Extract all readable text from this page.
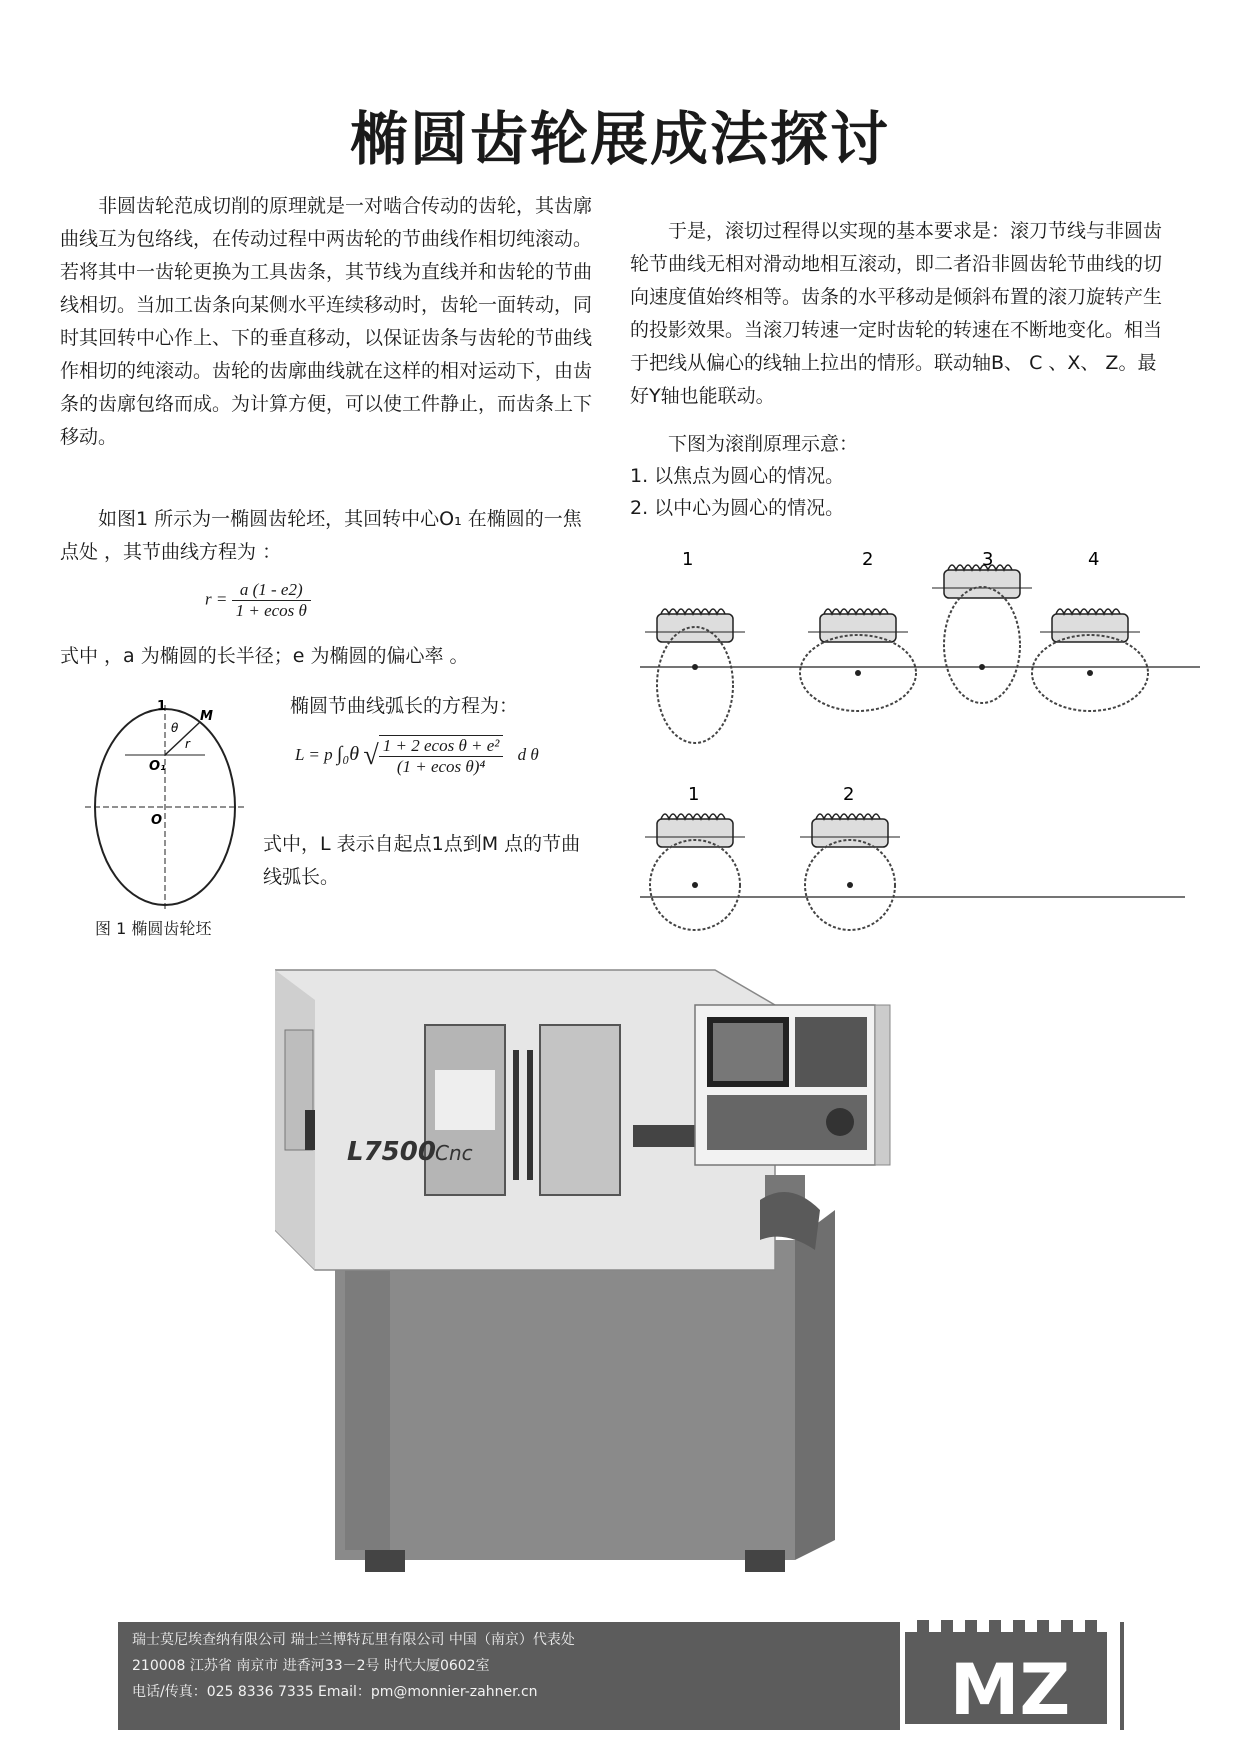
椭圆齿轮展成法探讨
非圆齿轮范成切削的原理就是一对啮合传动的齿轮，其齿廓曲线互为包络线，在传动过程中两齿轮的节曲线作相切纯滚动。若将其中一齿轮更换为工具齿条，其节线为直线并和齿轮的节曲线相切。当加工齿条向某侧水平连续移动时，齿轮一面转动，同时其回转中心作上、下的垂直移动，以保证齿条与齿轮的节曲线作相切的纯滚动。齿轮的齿廓曲线就在这样的相对运动下，由齿条的齿廓包络而成。为计算方便，可以使工件静止，而齿条上下移动。
如图1 所示为一椭圆齿轮坯，其回转中心O₁ 在椭圆的一焦点处 ，其节曲线方程为 ：
$r = \frac{a (1 - e2)}{\text{1 + ecos θ}}$
式中 ，a 为椭圆的长半径；e 为椭圆的偏心率 。
椭圆节曲线弧长的方程为：
L = p ∫₀θ √ $\frac{\text{1 + 2 ecos θ + e²}}{\text{(1 + ecos θ)⁴}}$ d θ
式中，L 表示自起点1点到M 点的节曲线弧长。
1
M
θ
r
O₁
O
图 1 椭圆齿轮坯
于是，滚切过程得以实现的基本要求是：滚刀节线与非圆齿轮节曲线无相对滑动地相互滚动，即二者沿非圆齿轮节曲线的切向速度值始终相等。齿条的水平移动是倾斜布置的滚刀旋转产生的投影效果。当滚刀转速一定时齿轮的转速在不断地变化。相当于把线从偏心的线轴上拉出的情形。联动轴B、 C 、X、 Z。最好Y轴也能联动。
下图为滚削原理示意：
1. 以焦点为圆心的情况。
2. 以中心为圆心的情况。
1	2	3	4
1	2
L7500 Cnc
瑞士莫尼埃查纳有限公司 瑞士兰博特瓦里有限公司 中国（南京）代表处
210008 江苏省 南京市 进香河33－2号 时代大厦0602室
电话/传真：025 8336 7335 Email：pm@monnier-zahner.cn	MZ
